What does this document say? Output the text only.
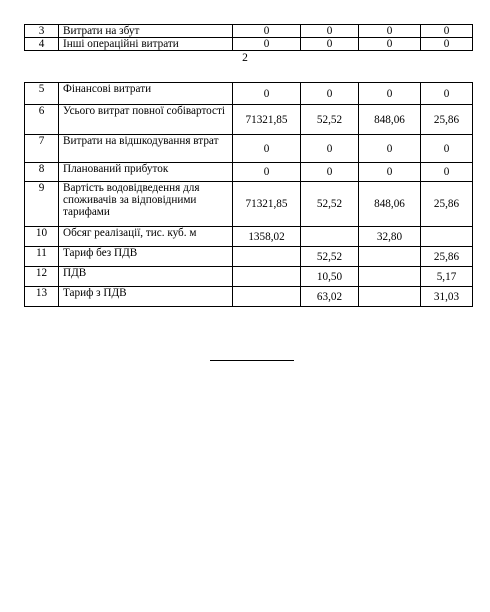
3	Витрати на збут	0	0	0	0
4	Інші операційні витрати	0	0	0	0
2
5	Фінансові витрати	0	0	0	0
6	Усього витрат повної собівартості	71321,85	52,52	848,06	25,86
7	Витрати на відшкодування втрат	0	0	0	0
8	Планований прибуток	0	0	0	0
9	Вартість водовідведення для споживачів за відповідними тарифами	71321,85	52,52	848,06	25,86
10	Обсяг реалізації, тис. куб. м	1358,02		32,80	
11	Тариф без ПДВ		52,52		25,86
12	ПДВ		10,50		5,17
13	Тариф з ПДВ		63,02		31,03
